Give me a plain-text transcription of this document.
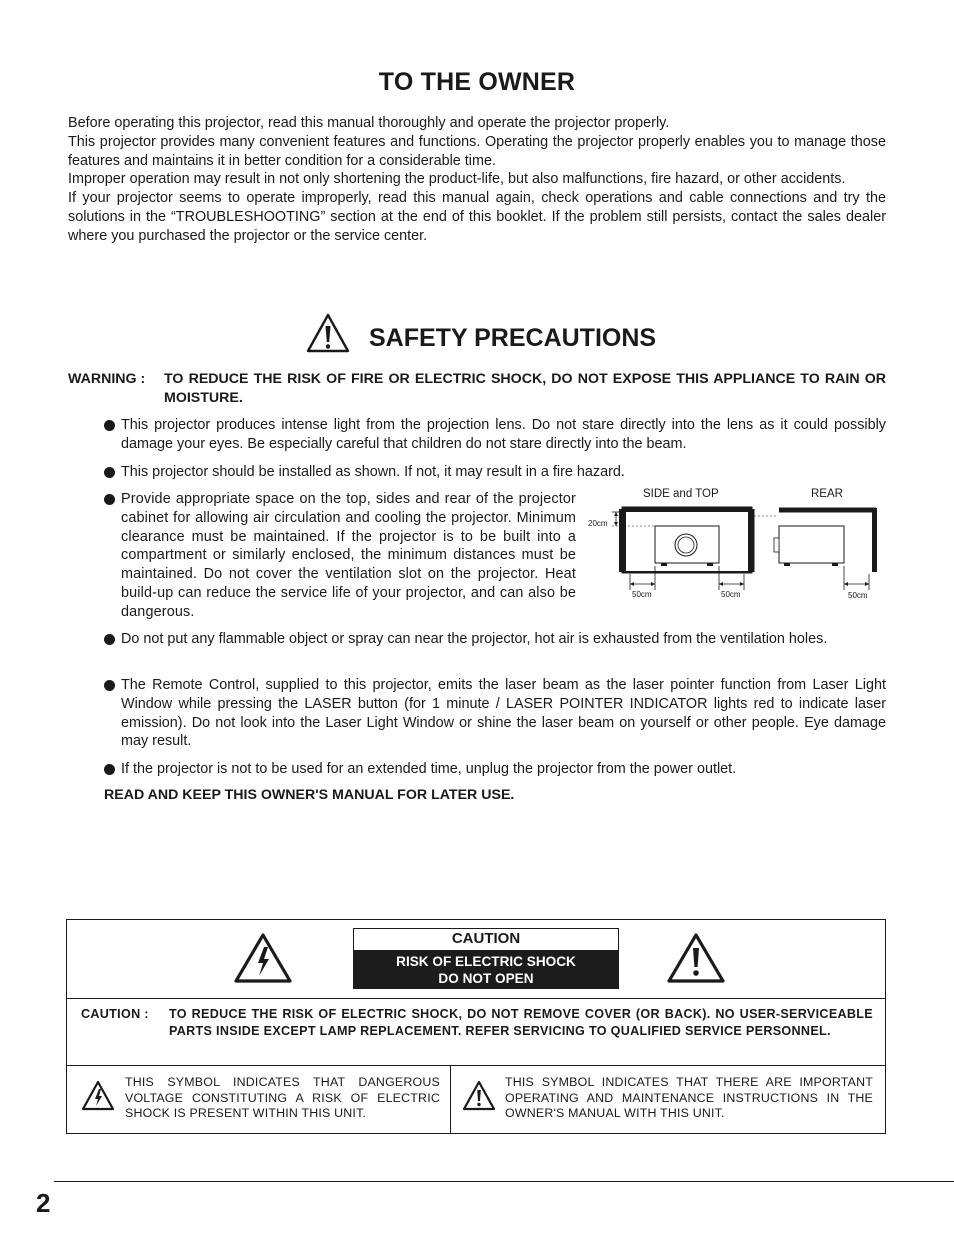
TO THE OWNER

Before operating this projector, read this manual thoroughly and operate the projector properly.

This projector provides many convenient features and functions. Operating the projector properly enables you to manage those features and maintains it in better condition for a considerable time.

Improper operation may result in not only shortening the product-life, but also malfunctions, fire hazard, or other accidents.

If your projector seems to operate improperly, read this manual again, check operations and cable connections and try the solutions in the “TROUBLESHOOTING” section at the end of this booklet. If the problem still persists, contact the sales dealer where you purchased the projector or the service center.

SAFETY PRECAUTIONS
WARNING : TO REDUCE THE RISK OF FIRE OR ELECTRIC SHOCK, DO NOT EXPOSE THIS APPLIANCE TO RAIN OR MOISTURE.
This projector produces intense light from the projection lens. Do not stare directly into the lens as it could possibly damage your eyes. Be especially careful that children do not stare directly into the beam.
This projector should be installed as shown. If not, it may result in a fire hazard.
Provide appropriate space on the top, sides and rear of the projector cabinet for allowing air circulation and cooling the projector. Minimum clearance must be maintained. If the projector is to be built into a compartment or similarly enclosed, the minimum distances must be maintained. Do not cover the ventilation slot on the projector. Heat build-up can reduce the service life of your projector, and can also be dangerous.
Do not put any flammable object or spray can near the projector, hot air is exhausted from the ventilation holes.
The Remote Control, supplied to this projector, emits the laser beam as the laser pointer function from Laser Light Window while pressing the LASER button (for 1 minute / LASER POINTER INDICATOR lights red to indicate laser emission). Do not look into the Laser Light Window or shine the laser beam on yourself or other people. Eye damage may result.
If the projector is not to be used for an extended time, unplug the projector from the power outlet.
READ AND KEEP THIS OWNER'S MANUAL FOR LATER USE.
SIDE and TOP	REAR
20cm
50cm	50cm	50cm
CAUTION
RISK OF ELECTRIC SHOCK
DO NOT OPEN
CAUTION : TO REDUCE THE RISK OF ELECTRIC SHOCK, DO NOT REMOVE COVER (OR BACK). NO USER-SERVICEABLE PARTS INSIDE EXCEPT LAMP REPLACEMENT. REFER SERVICING TO QUALIFIED SERVICE PERSONNEL.
THIS SYMBOL INDICATES THAT DANGEROUS VOLTAGE CONSTITUTING A RISK OF ELECTRIC SHOCK IS PRESENT WITHIN THIS UNIT.
THIS SYMBOL INDICATES THAT THERE ARE IMPORTANT OPERATING AND MAINTENANCE INSTRUCTIONS IN THE OWNER'S MANUAL WITH THIS UNIT.
2
